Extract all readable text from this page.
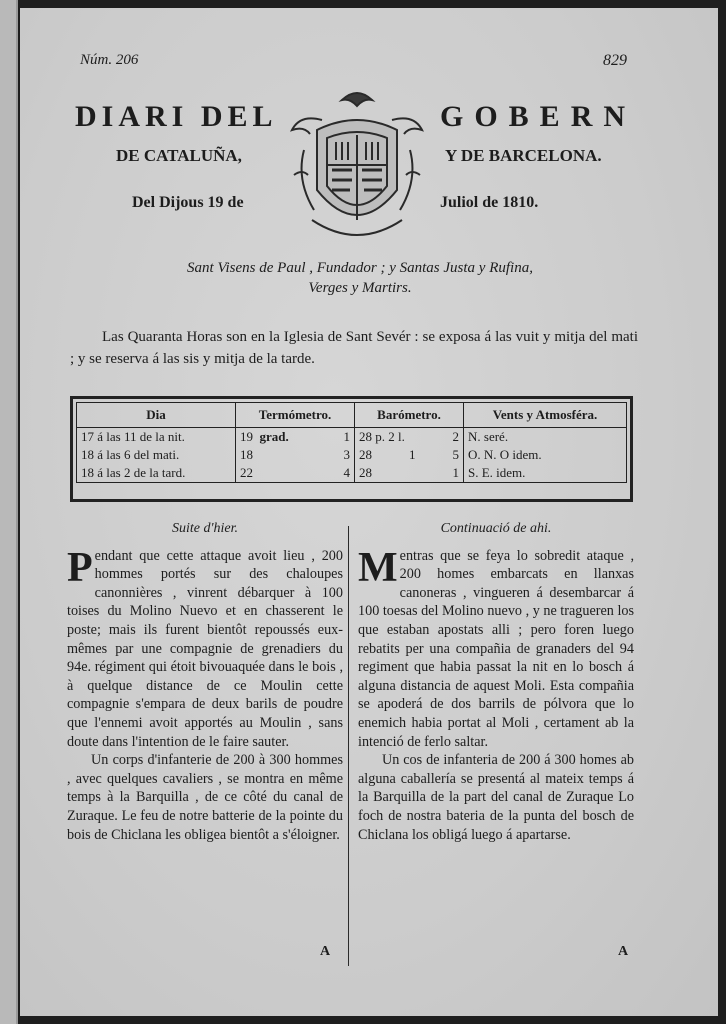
Núm. 206	829
DIARI DEL	GOBERN
DE CATALUÑA,	Y DE BARCELONA.
Del Dijous 19 de	Juliol de 1810.
Sant Visens de Paul , Fundador ; y Santas Justa y Rufina,
Verges y Martirs.
Las Quaranta Horas son en la Iglesia de Sant Sevér : se exposa á las vuit y mitja del mati ; y se reserva á las sis y mitja de la tarde.
Dia	Termómetro.	Barómetro.	Vents y Atmosféra.
17 á las 11 de la nit.	19 grad. 1	28 p. 2 l. 2	N. seré.
18 á las 6 del mati.	18 3	28 1 5	O. N. O idem.
18 á las 2 de la tard.	22 4	28 1	S. E. idem.
Suite d'hier.

Pendant que cette attaque avoit lieu , 200 hommes portés sur des chaloupes canonnières , vinrent débarquer à 100 toises du Molino Nuevo et en chasserent le poste; mais ils furent bientôt repoussés eux-mêmes par une compagnie de grenadiers du 94e. régiment qui étoit bivouaquée dans le bois , à quelque distance de ce Moulin cette compagnie s'empara de deux barils de poudre que l'ennemi avoit apportés au Moulin , sans doute dans l'intention de le faire sauter.

Un corps d'infanterie de 200 à 300 hommes , avec quelques cavaliers , se montra en même temps à la Barquilla , de ce côté du canal de Zuraque. Le feu de notre batterie de la pointe du bois de Chiclana les obligea bientôt a s'éloigner.

Continuació de ahi.

Mentras que se feya lo sobredit ataque , 200 homes embarcats en llanxas canoneras , vingueren á desembarcar á 100 toesas del Molino nuevo , y ne tragueren los que estaban apostats alli ; pero foren luego rebatits per una compañia de granaders del 94 regiment que habia passat la nit en lo bosch á alguna distancia de aquest Moli. Esta compañia se apoderá de dos barrils de pólvora que lo enemich habia portat al Moli , certament ab la intenció de ferlo saltar.

Un cos de infanteria de 200 á 300 homes ab alguna caballería se presentá al mateix temps á la Barquilla de la part del canal de Zuraque Lo foch de nostra bateria de la punta del bosch de Chiclana los obligá luego á apartarse.

A	A
